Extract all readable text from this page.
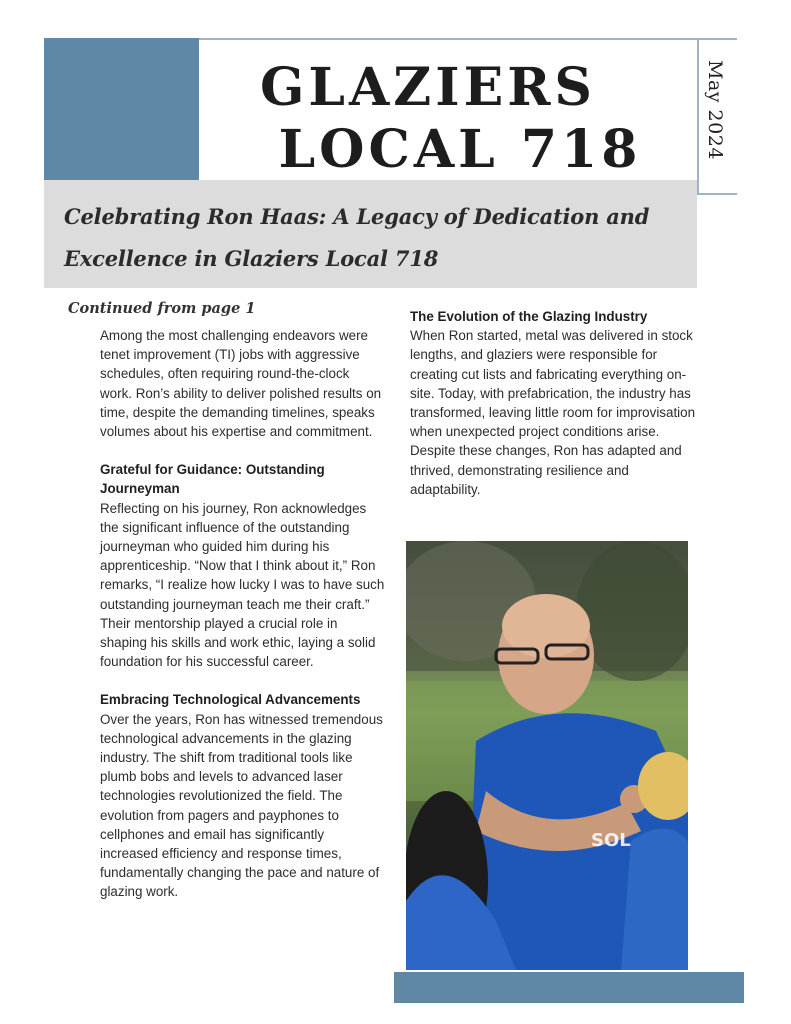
GLAZIERS
LOCAL 718	May 2024
Celebrating Ron Haas: A Legacy of Dedication and Excellence in Glaziers Local 718
Continued from page 1

Among the most challenging endeavors were tenet improvement (TI) jobs with aggressive schedules, often requiring round-the-clock work. Ron’s ability to deliver polished results on time, despite the demanding timelines, speaks volumes about his expertise and commitment.

Grateful for Guidance: Outstanding Journeyman

Reflecting on his journey, Ron acknowledges the significant influence of the outstanding journeyman who guided him during his apprenticeship. “Now that I think about it,” Ron remarks, “I realize how lucky I was to have such outstanding journeyman teach me their craft.” Their mentorship played a crucial role in shaping his skills and work ethic, laying a solid foundation for his successful career.

Embracing Technological Advancements

Over the years, Ron has witnessed tremendous technological advancements in the glazing industry. The shift from traditional tools like plumb bobs and levels to advanced laser technologies revolutionized the field. The evolution from pagers and payphones to cellphones and email has significantly increased efficiency and response times, fundamentally changing the pace and nature of glazing work.

The Evolution of the Glazing Industry

When Ron started, metal was delivered in stock lengths, and glaziers were responsible for creating cut lists and fabricating everything on-site. Today, with prefabrication, the industry has transformed, leaving little room for improvisation when unexpected project conditions arise. Despite these changes, Ron has adapted and thrived, demonstrating resilience and adaptability.

SOL
